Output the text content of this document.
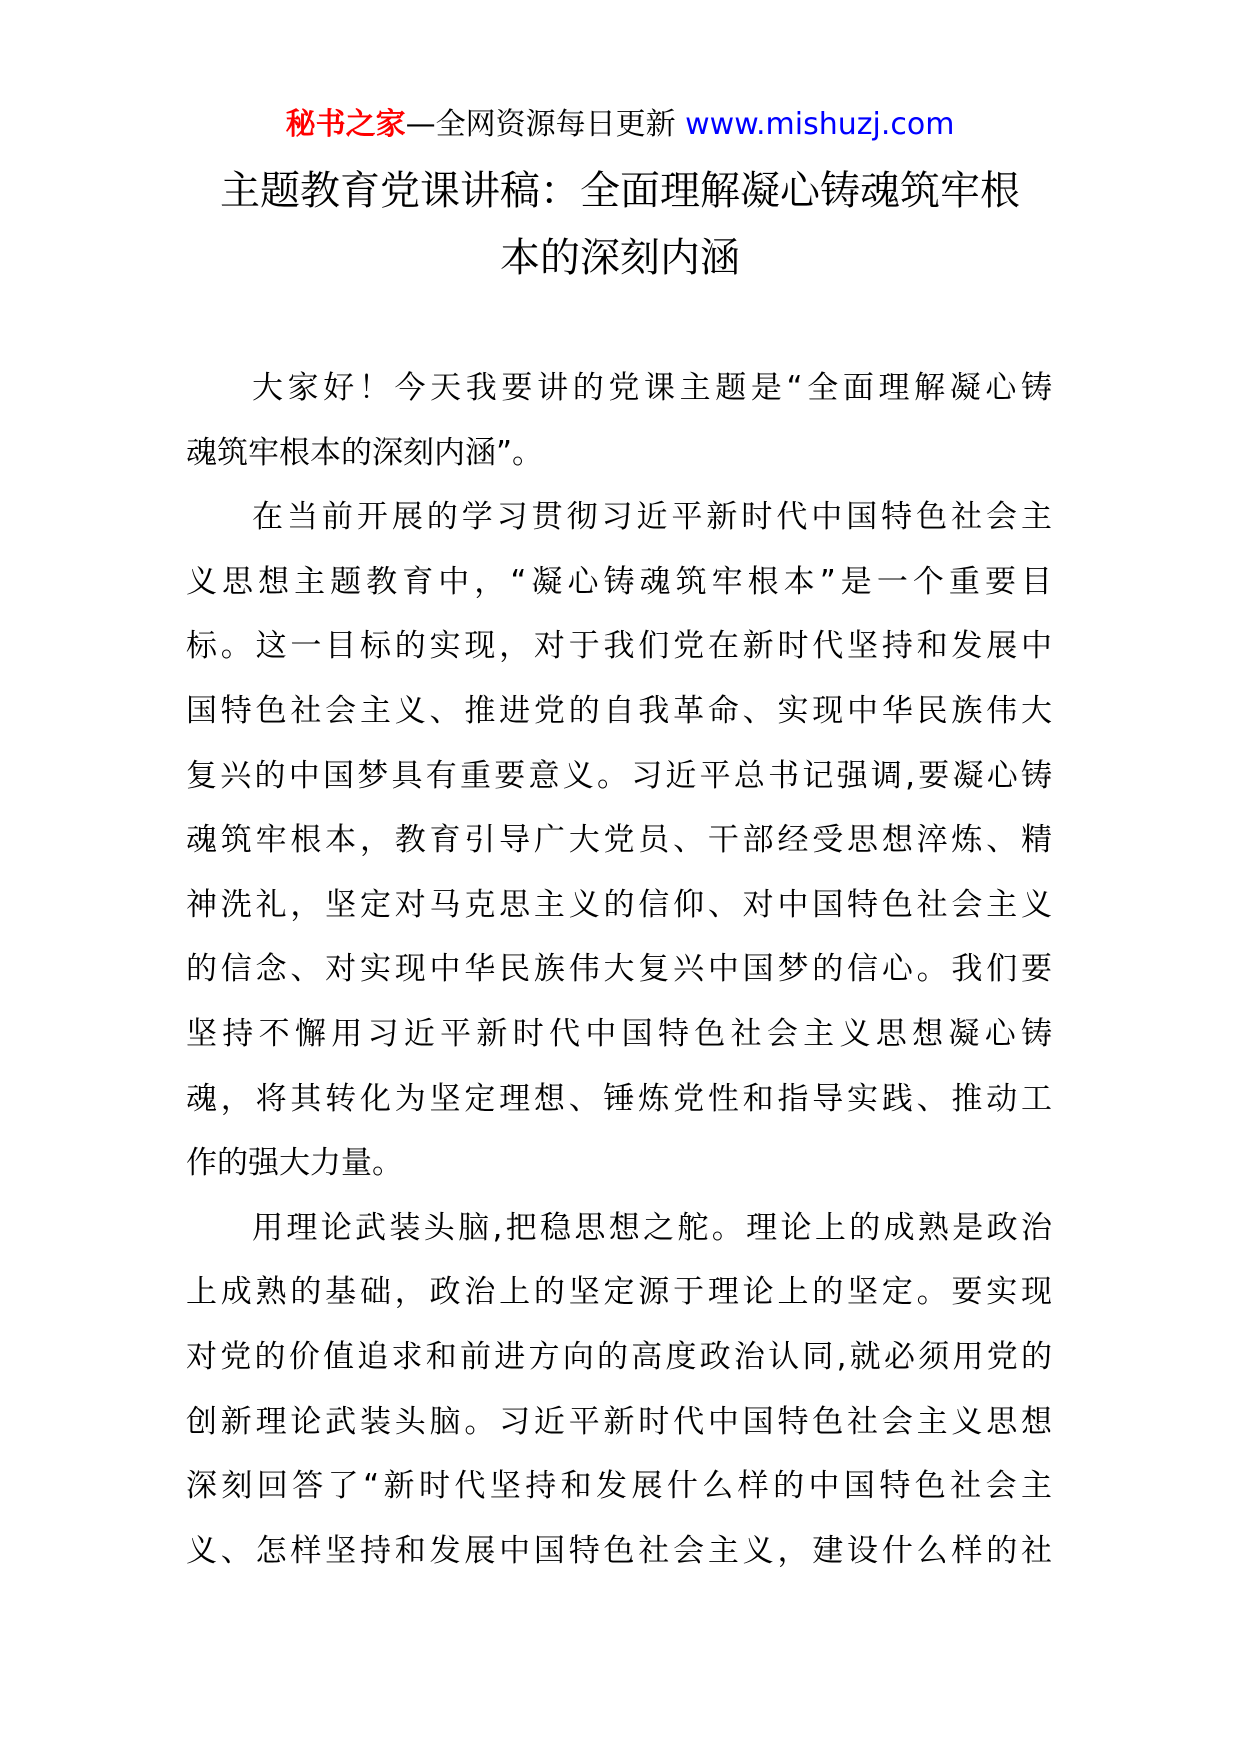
秘书之家—全网资源每日更新 www.mishuzj.com
主题教育党课讲稿：全面理解凝心铸魂筑牢根
本的深刻内涵
大家好！今天我要讲的党课主题是“全面理解凝心铸
魂筑牢根本的深刻内涵”。
在当前开展的学习贯彻习近平新时代中国特色社会主
义思想主题教育中，“凝心铸魂筑牢根本”是一个重要目
标。这一目标的实现，对于我们党在新时代坚持和发展中
国特色社会主义、推进党的自我革命、实现中华民族伟大
复兴的中国梦具有重要意义。习近平总书记强调,要凝心铸
魂筑牢根本，教育引导广大党员、干部经受思想淬炼、精
神洗礼，坚定对马克思主义的信仰、对中国特色社会主义
的信念、对实现中华民族伟大复兴中国梦的信心。我们要
坚持不懈用习近平新时代中国特色社会主义思想凝心铸
魂，将其转化为坚定理想、锤炼党性和指导实践、推动工
作的强大力量。
用理论武装头脑,把稳思想之舵。理论上的成熟是政治
上成熟的基础，政治上的坚定源于理论上的坚定。要实现
对党的价值追求和前进方向的高度政治认同,就必须用党的
创新理论武装头脑。习近平新时代中国特色社会主义思想
深刻回答了“新时代坚持和发展什么样的中国特色社会主
义、怎样坚持和发展中国特色社会主义，建设什么样的社
